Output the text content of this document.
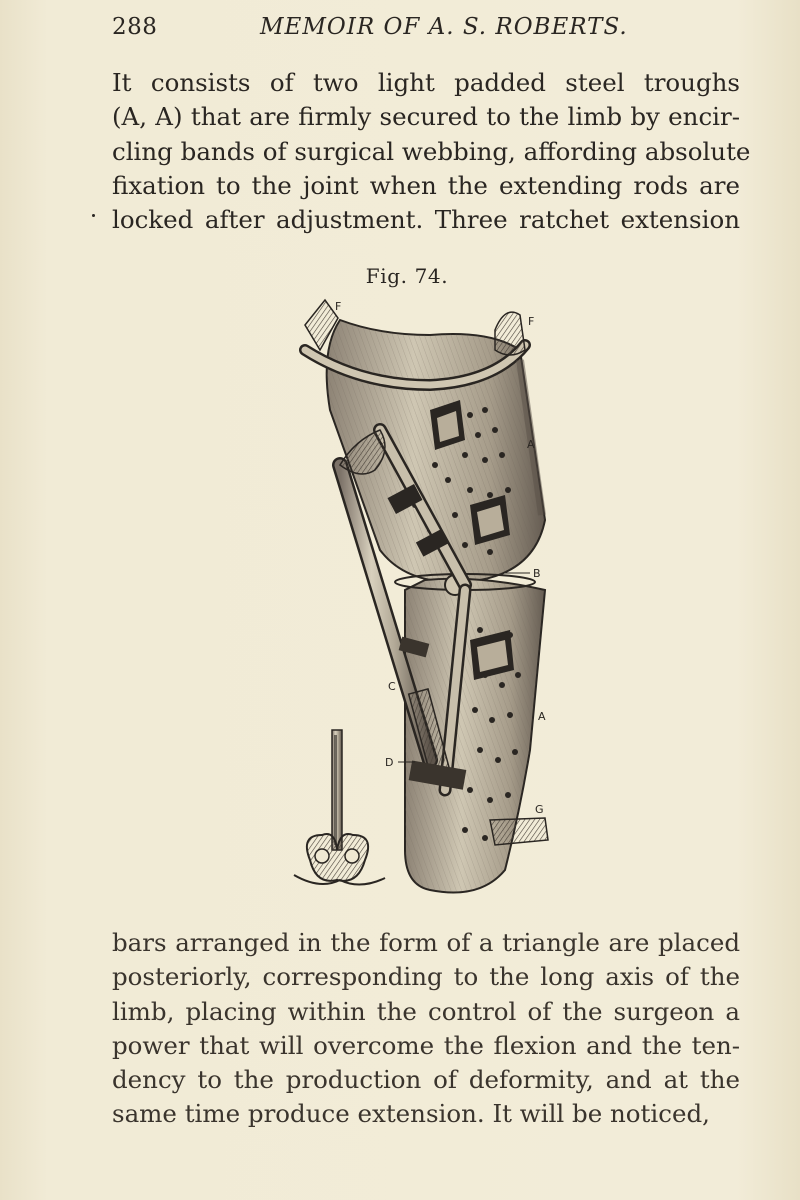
288	MEMOIR OF A. S. ROBERTS.

It consists of two light padded steel troughs
(A, A) that are firmly secured to the limb by encir-
cling bands of surgical webbing, affording absolute
fixation to the joint when the extending rods are
locked after adjustment. Three ratchet extension

Fig. 74.
F
F
A
B
C
A
D
G

bars arranged in the form of a triangle are placed
posteriorly, corresponding to the long axis of the
limb, placing within the control of the surgeon a
power that will overcome the flexion and the ten-
dency to the production of deformity, and at the
same time produce extension. It will be noticed,
